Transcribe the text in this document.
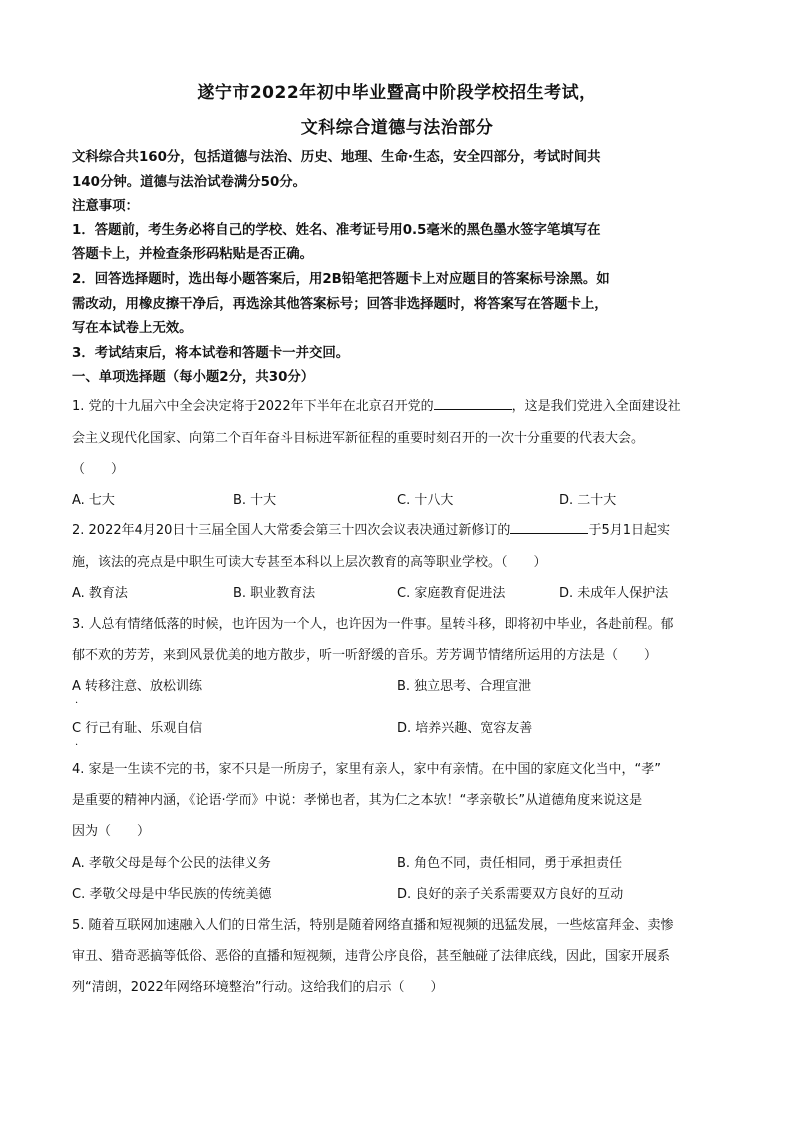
遂宁市2022年初中毕业暨高中阶段学校招生考试，
文科综合道德与法治部分
文科综合共160分，包括道德与法治、历史、地理、生命·生态，安全四部分，考试时间共
140分钟。道德与法治试卷满分50分。
注意事项：
1．答题前，考生务必将自己的学校、姓名、准考证号用0.5毫米的黑色墨水签字笔填写在
答题卡上，并检查条形码粘贴是否正确。
2．回答选择题时，选出每小题答案后，用2B铅笔把答题卡上对应题目的答案标号涂黑。如
需改动，用橡皮擦干净后，再选涂其他答案标号；回答非选择题时，将答案写在答题卡上，
写在本试卷上无效。
3．考试结束后，将本试卷和答题卡一并交回。
一、单项选择题（每小题2分，共30分）
1. 党的十九届六中全会决定将于2022年下半年在北京召开党的	，这是我们党进入全面建设社
会主义现代化国家、向第二个百年奋斗目标进军新征程的重要时刻召开的一次十分重要的代表大会。
（　　）
A. 七大	B. 十大	C. 十八大	D. 二十大
2. 2022年4月20日十三届全国人大常委会第三十四次会议表决通过新修订的	于5月1日起实
施，该法的亮点是中职生可读大专甚至本科以上层次教育的高等职业学校。（　　）
A. 教育法	B. 职业教育法	C. 家庭教育促进法	D. 未成年人保护法
3. 人总有情绪低落的时候，也许因为一个人，也许因为一件事。星转斗移，即将初中毕业，各赴前程。郁
郁不欢的芳芳，来到风景优美的地方散步，听一听舒缓的音乐。芳芳调节情绪所运用的方法是（　　）
A 转移注意、放松训练	B. 独立思考、合理宣泄
·
C 行己有耻、乐观自信	D. 培养兴趣、宽容友善
·
4. 家是一生读不完的书，家不只是一所房子，家里有亲人，家中有亲情。在中国的家庭文化当中，“孝”
是重要的精神内涵，《论语·学而》中说：孝悌也者，其为仁之本欤！“孝亲敬长”从道德角度来说这是
因为（　　）
A. 孝敬父母是每个公民的法律义务	B. 角色不同，责任相同，勇于承担责任
C. 孝敬父母是中华民族的传统美德	D. 良好的亲子关系需要双方良好的互动
5. 随着互联网加速融入人们的日常生活，特别是随着网络直播和短视频的迅猛发展，一些炫富拜金、卖惨
审丑、猎奇恶搞等低俗、恶俗的直播和短视频，违背公序良俗，甚至触碰了法律底线，因此，国家开展系
列“清朗，2022年网络环境整治”行动。这给我们的启示（　　）
